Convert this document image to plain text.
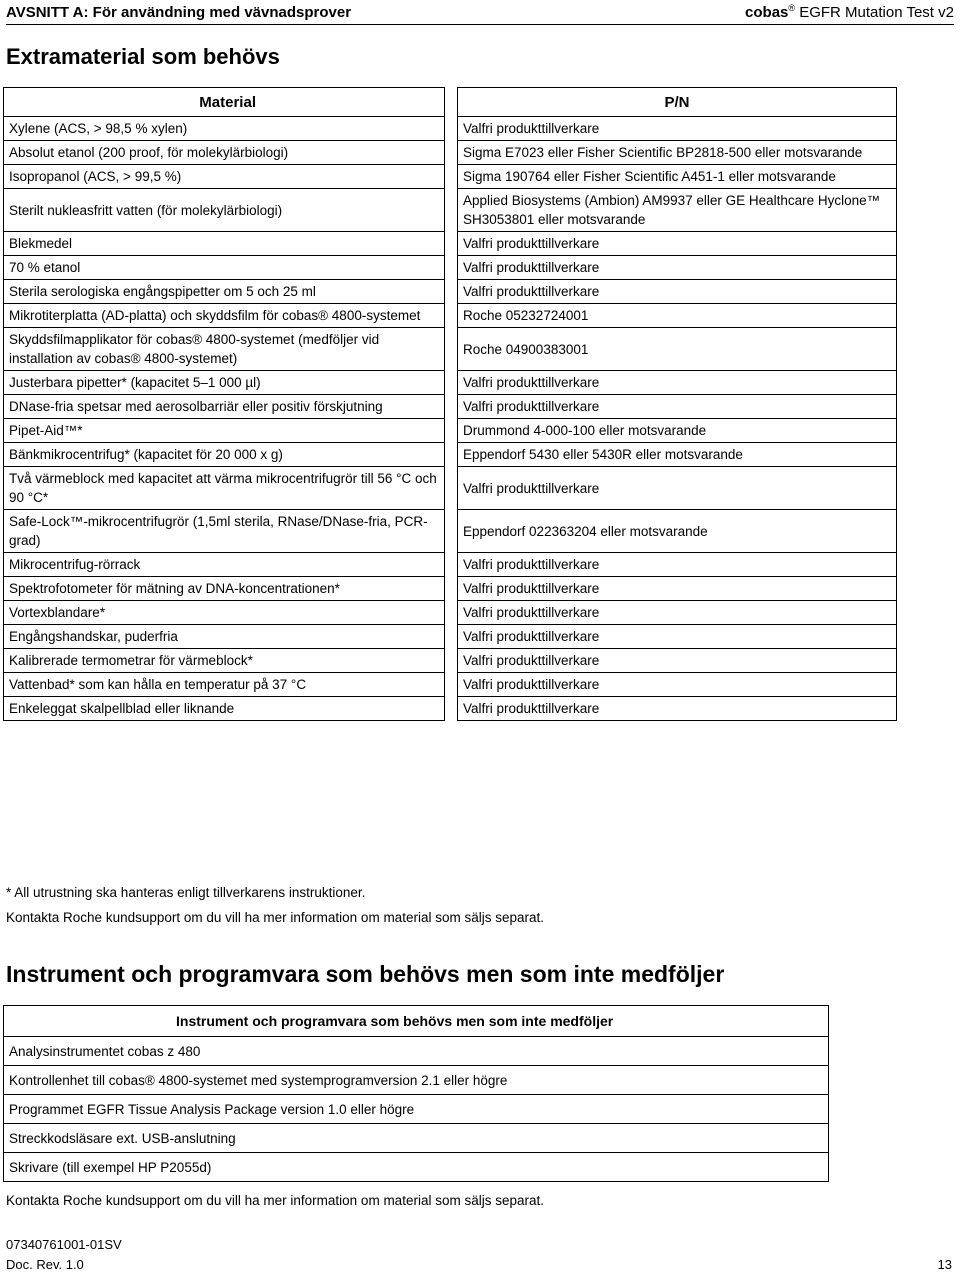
AVSNITT A: För användning med vävnadsprover	cobas® EGFR Mutation Test v2
Extramaterial som behövs
Material		P/N
Xylene (ACS, > 98,5 % xylen)		Valfri produkttillverkare
Absolut etanol (200 proof, för molekylärbiologi)		Sigma E7023 eller Fisher Scientific BP2818-500 eller motsvarande
Isopropanol (ACS, > 99,5 %)		Sigma 190764 eller Fisher Scientific A451-1 eller motsvarande
Sterilt nukleasfritt vatten (för molekylärbiologi)		Applied Biosystems (Ambion) AM9937 eller GE Healthcare Hyclone™ SH3053801 eller motsvarande
Blekmedel		Valfri produkttillverkare
70 % etanol		Valfri produkttillverkare
Sterila serologiska engångspipetter om 5 och 25 ml		Valfri produkttillverkare
Mikrotiterplatta (AD-platta) och skyddsfilm för cobas® 4800-systemet		Roche 05232724001
Skyddsfilmapplikator för cobas® 4800-systemet (medföljer vid installation av cobas® 4800-systemet)		Roche 04900383001
Justerbara pipetter* (kapacitet 5–1 000 µl)		Valfri produkttillverkare
DNase-fria spetsar med aerosolbarriär eller positiv förskjutning		Valfri produkttillverkare
Pipet-Aid™*		Drummond 4-000-100 eller motsvarande
Bänkmikrocentrifug* (kapacitet för 20 000 x g)		Eppendorf 5430 eller 5430R eller motsvarande
Två värmeblock med kapacitet att värma mikrocentrifugrör till 56 °C och 90 °C*		Valfri produkttillverkare
Safe-Lock™-mikrocentrifugrör (1,5ml sterila, RNase/DNase-fria, PCR-grad)		Eppendorf 022363204 eller motsvarande
Mikrocentrifug-rörrack		Valfri produkttillverkare
Spektrofotometer för mätning av DNA-koncentrationen*		Valfri produkttillverkare
Vortexblandare*		Valfri produkttillverkare
Engångshandskar, puderfria		Valfri produkttillverkare
Kalibrerade termometrar för värmeblock*		Valfri produkttillverkare
Vattenbad* som kan hålla en temperatur på 37 °C		Valfri produkttillverkare
Enkeleggat skalpellblad eller liknande		Valfri produkttillverkare
* All utrustning ska hanteras enligt tillverkarens instruktioner.
Kontakta Roche kundsupport om du vill ha mer information om material som säljs separat.
Instrument och programvara som behövs men som inte medföljer
Instrument och programvara som behövs men som inte medföljer
Analysinstrumentet cobas z 480
Kontrollenhet till cobas® 4800-systemet med systemprogramversion 2.1 eller högre
Programmet EGFR Tissue Analysis Package version 1.0 eller högre
Streckkodsläsare ext. USB-anslutning
Skrivare (till exempel HP P2055d)
Kontakta Roche kundsupport om du vill ha mer information om material som säljs separat.
07340761001-01SV
Doc. Rev. 1.0	13
